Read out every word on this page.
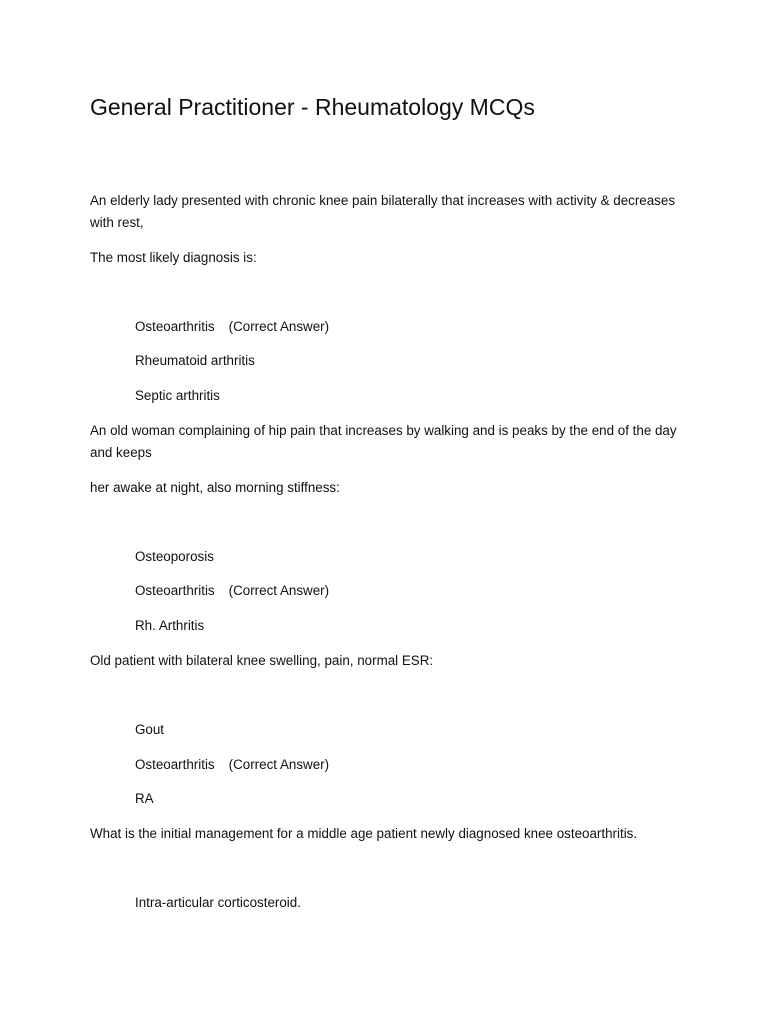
General Practitioner - Rheumatology MCQs
An elderly lady presented with chronic knee pain bilaterally that increases with activity & decreases with rest,
The most likely diagnosis is:
Osteoarthritis (Correct Answer)
Rheumatoid arthritis
Septic arthritis
An old woman complaining of hip pain that increases by walking and is peaks by the end of the day and keeps
her awake at night, also morning stiffness:
Osteoporosis
Osteoarthritis (Correct Answer)
Rh. Arthritis
Old patient with bilateral knee swelling, pain, normal ESR:
Gout
Osteoarthritis (Correct Answer)
RA
What is the initial management for a middle age patient newly diagnosed knee osteoarthritis.
Intra-articular corticosteroid.
